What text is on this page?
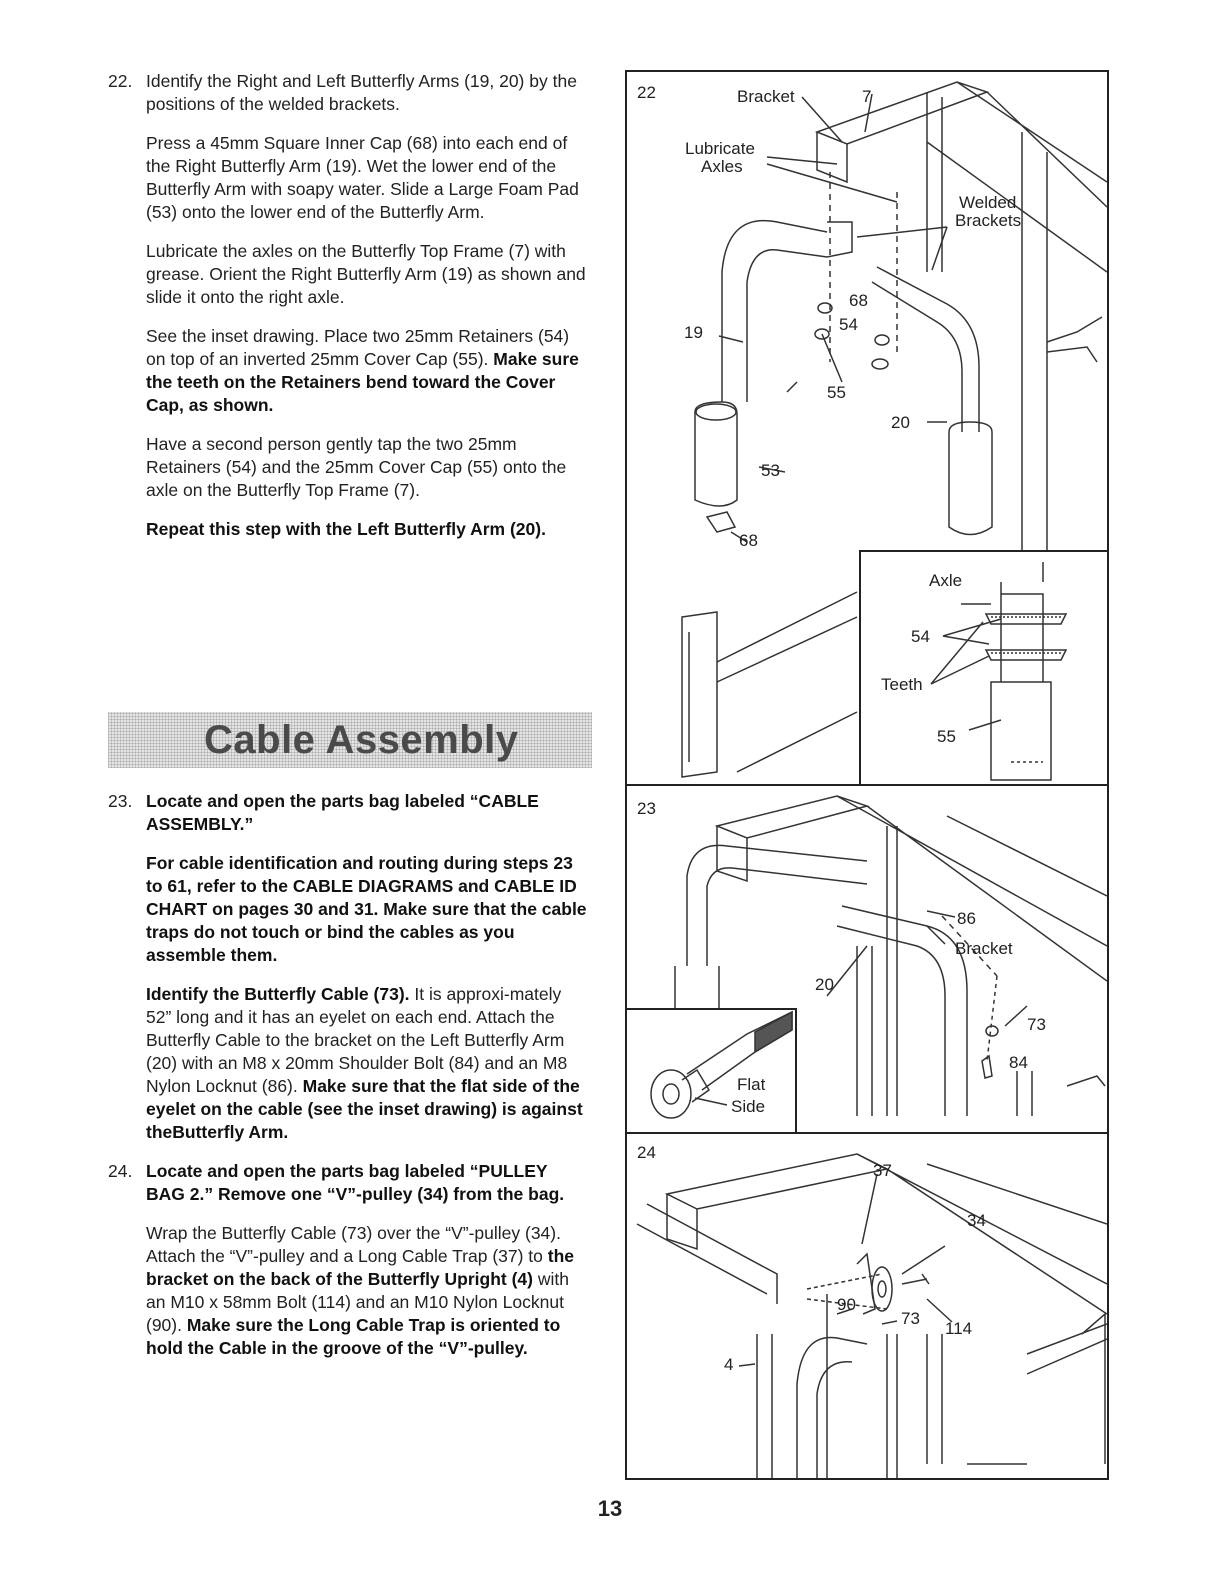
22. Identify the Right and Left Butterfly Arms (19, 20) by the positions of the welded brackets.

Press a 45mm Square Inner Cap (68) into each end of the Right Butterfly Arm (19). Wet the lower end of the Butterfly Arm with soapy water. Slide a Large Foam Pad (53) onto the lower end of the Butterfly Arm.

Lubricate the axles on the Butterfly Top Frame (7) with grease. Orient the Right Butterfly Arm (19) as shown and slide it onto the right axle.

See the inset drawing. Place two 25mm Retainers (54) on top of an inverted 25mm Cover Cap (55). Make sure the teeth on the Retainers bend toward the Cover Cap, as shown.

Have a second person gently tap the two 25mm Retainers (54) and the 25mm Cover Cap (55) onto the axle on the Butterfly Top Frame (7).

Repeat this step with the Left Butterfly Arm (20).

23. Locate and open the parts bag labeled “CABLE ASSEMBLY.”

For cable identification and routing during steps 23 to 61, refer to the CABLE DIAGRAMS and CABLE ID CHART on pages 30 and 31. Make sure that the cable traps do not touch or bind the cables as you assemble them.

Identify the Butterfly Cable (73). It is approxi-mately 52” long and it has an eyelet on each end. Attach the Butterfly Cable to the bracket on the Left Butterfly Arm (20) with an M8 x 20mm Shoulder Bolt (84) and an M8 Nylon Locknut (86). Make sure that the flat side of the eyelet on the cable (see the inset drawing) is against theButterfly Arm.

24. Locate and open the parts bag labeled “PULLEY BAG 2.” Remove one “V”-pulley (34) from the bag.

Wrap the Butterfly Cable (73) over the “V”-pulley (34). Attach the “V”-pulley and a Long Cable Trap (37) to the bracket on the back of the Butterfly Upright (4) with an M10 x 58mm Bolt (114) and an M10 Nylon Locknut (90). Make sure the Long Cable Trap is oriented to hold the Cable in the groove of the “V”-pulley.

Cable Assembly
22	Bracket	7
Lubricate
Axles
Welded
Brackets
68
54
19
55
20
53
68
Axle
54
Teeth
55
23
86
Bracket
20
73
84
Flat
Side
24
37
34
90
73
114
4
13
